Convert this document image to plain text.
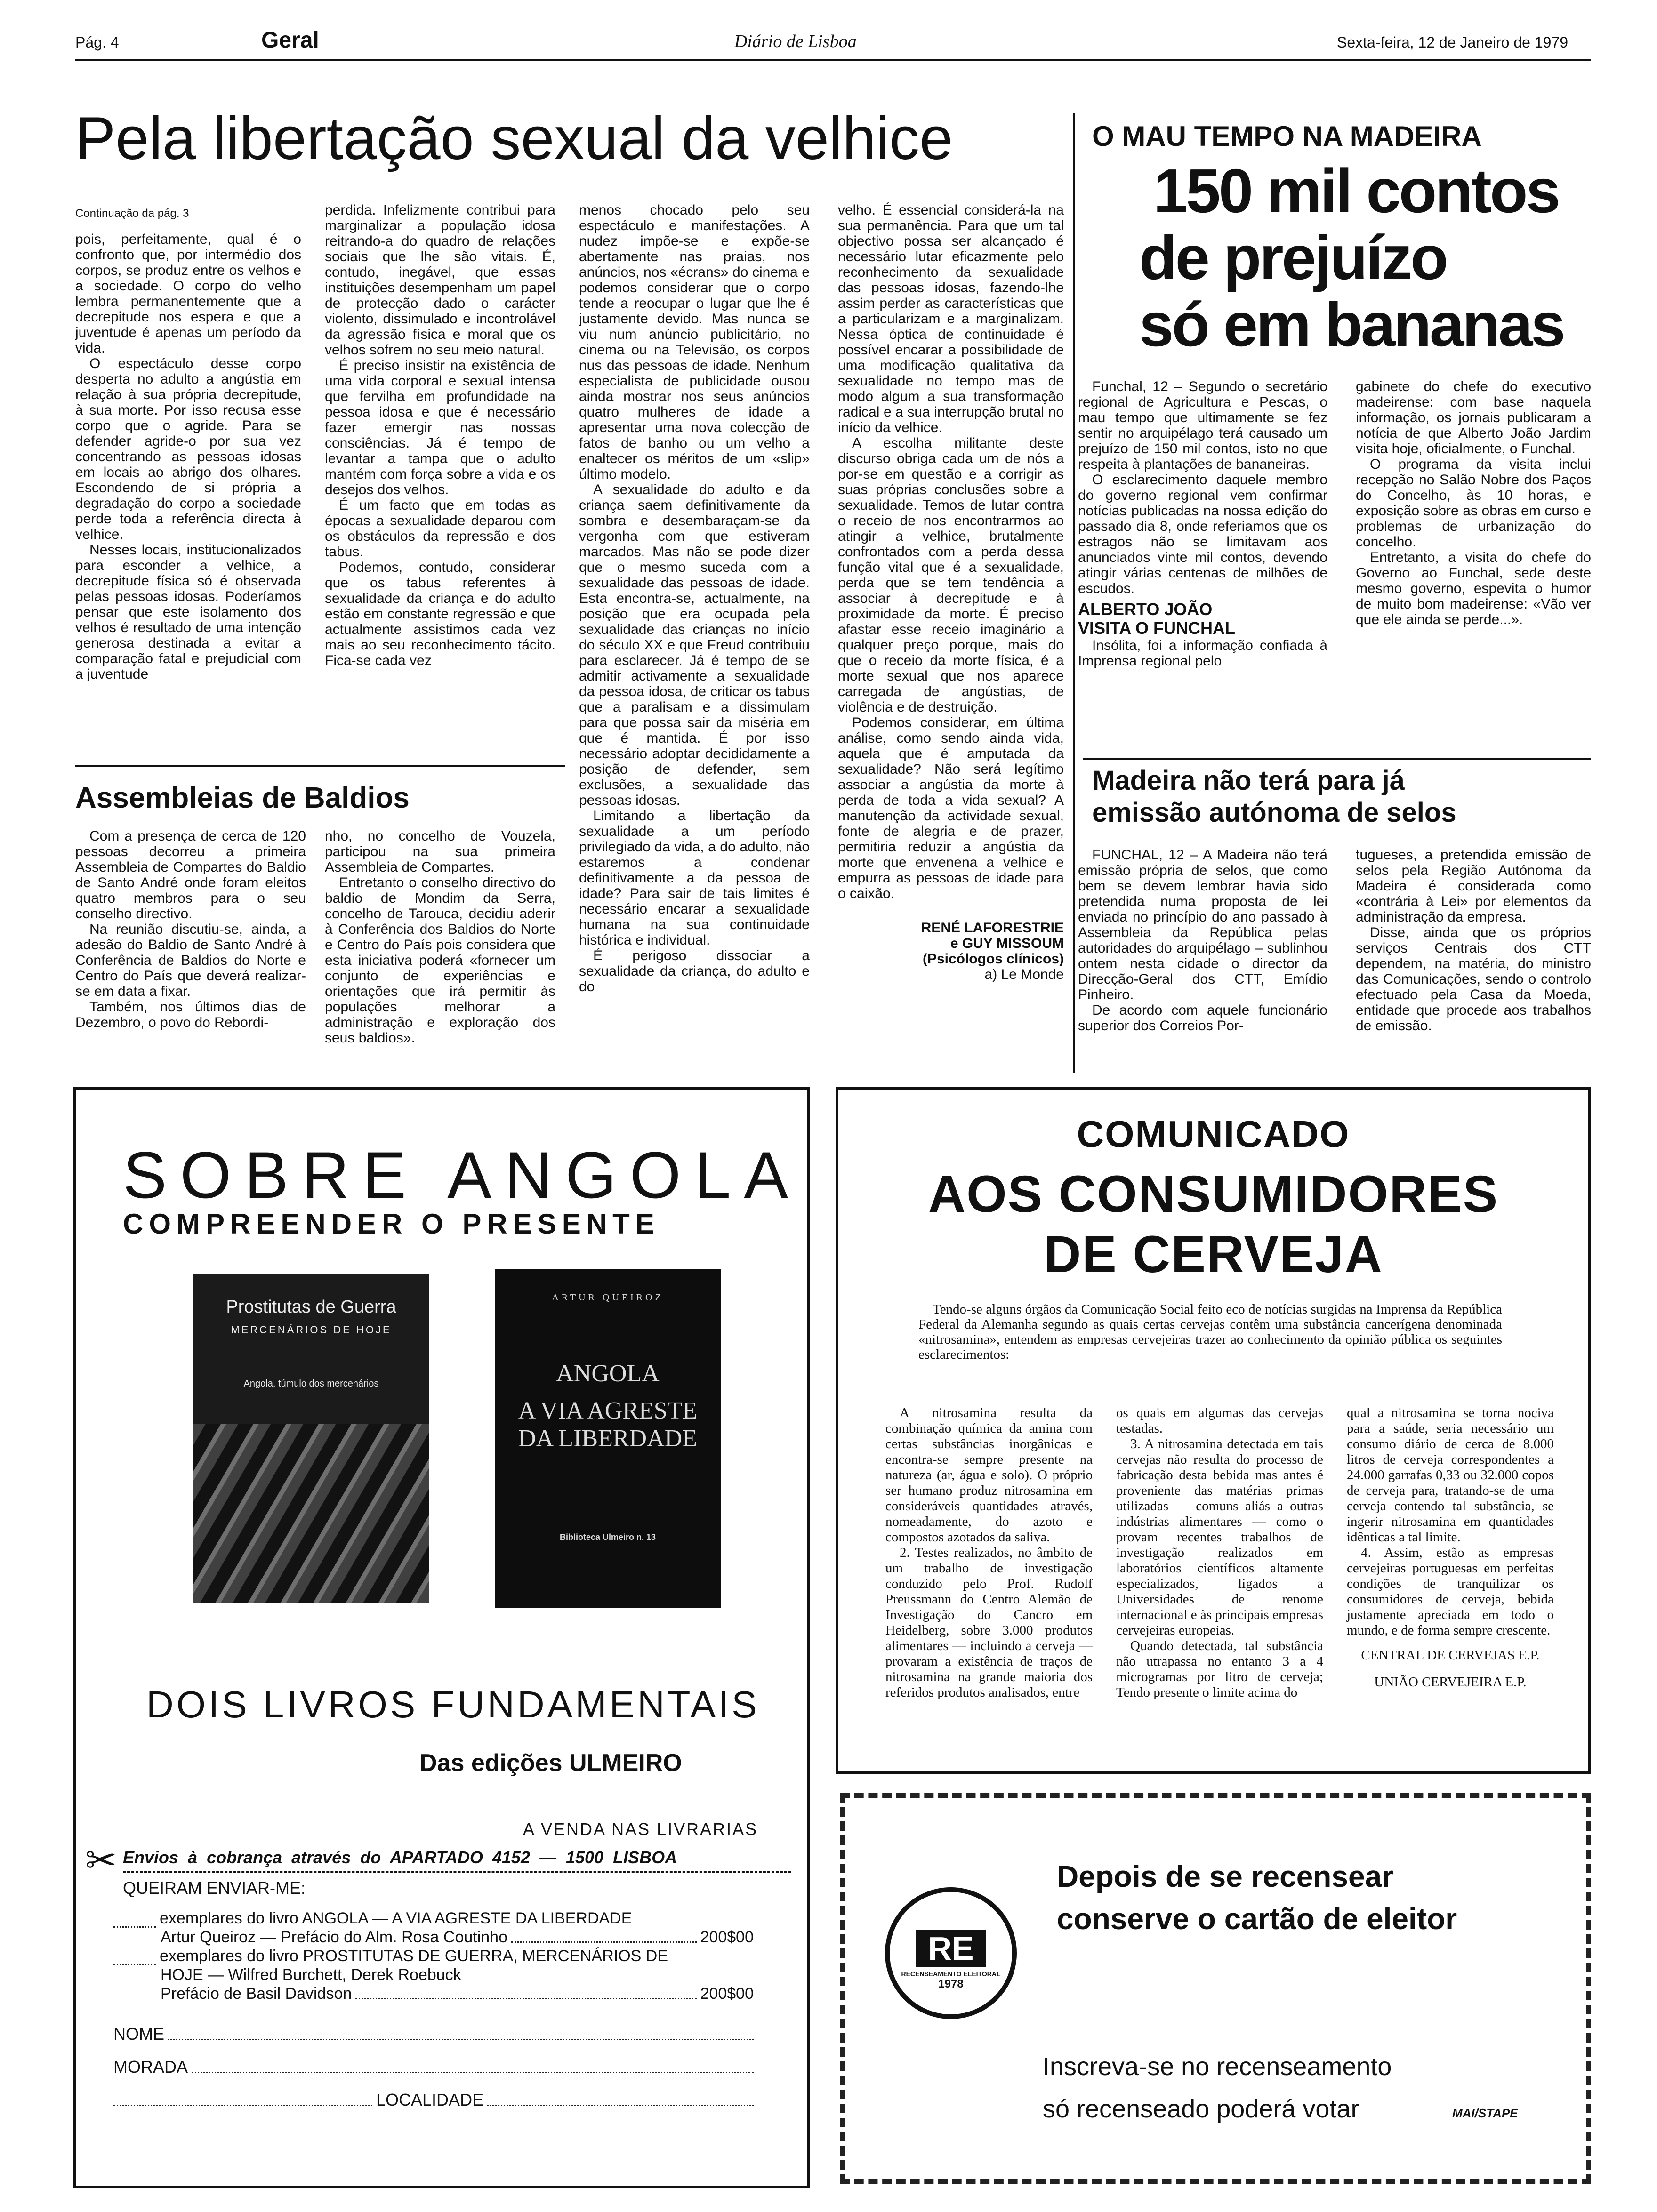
Pág. 4	Geral	Diário de Lisboa	Sexta-feira, 12 de Janeiro de 1979
Pela libertação sexual da velhice
Continuação da pág. 3

pois, perfeitamente, qual é o confronto que, por intermédio dos corpos, se produz entre os velhos e a sociedade. O corpo do velho lembra permanentemente que a decrepitude nos espera e que a juventude é apenas um período da vida.

O espectáculo desse corpo desperta no adulto a angústia em relação à sua própria decrepitude, à sua morte. Por isso recusa esse corpo que o agride. Para se defender agride-o por sua vez concentrando as pessoas idosas em locais ao abrigo dos olhares. Escondendo de si própria a degradação do corpo a sociedade perde toda a referência directa à velhice.

Nesses locais, institucionalizados para esconder a velhice, a decrepitude física só é observada pelas pessoas idosas. Poderíamos pensar que este isolamento dos velhos é resultado de uma intenção generosa destinada a evitar a comparação fatal e prejudicial com a juventude

perdida. Infelizmente contribui para marginalizar a população idosa reitrando-a do quadro de relações sociais que lhe são vitais. É, contudo, inegável, que essas instituições desempenham um papel de protecção dado o carácter violento, dissimulado e incontrolável da agressão física e moral que os velhos sofrem no seu meio natural.

É preciso insistir na existência de uma vida corporal e sexual intensa que fervilha em profundidade na pessoa idosa e que é necessário fazer emergir nas nossas consciências. Já é tempo de levantar a tampa que o adulto mantém com força sobre a vida e os desejos dos velhos.

É um facto que em todas as épocas a sexualidade deparou com os obstáculos da repressão e dos tabus.

Podemos, contudo, considerar que os tabus referentes à sexualidade da criança e do adulto estão em constante regressão e que actualmente assistimos cada vez mais ao seu reconhecimento tácito. Fica-se cada vez

menos chocado pelo seu espectáculo e manifestações. A nudez impõe-se e expõe-se abertamente nas praias, nos anúncios, nos «écrans» do cinema e podemos considerar que o corpo tende a reocupar o lugar que lhe é justamente devido. Mas nunca se viu num anúncio publicitário, no cinema ou na Televisão, os corpos nus das pessoas de idade. Nenhum especialista de publicidade ousou ainda mostrar nos seus anúncios quatro mulheres de idade a apresentar uma nova colecção de fatos de banho ou um velho a enaltecer os méritos de um «slip» último modelo.

A sexualidade do adulto e da criança saem definitivamente da sombra e desembaraçam-se da vergonha com que estiveram marcados. Mas não se pode dizer que o mesmo suceda com a sexualidade das pessoas de idade. Esta encontra-se, actualmente, na posição que era ocupada pela sexualidade das crianças no início do século XX e que Freud contribuiu para esclarecer. Já é tempo de se admitir activamente a sexualidade da pessoa idosa, de criticar os tabus que a paralisam e a dissimulam para que possa sair da miséria em que é mantida. É por isso necessário adoptar decididamente a posição de defender, sem exclusões, a sexualidade das pessoas idosas.

Limitando a libertação da sexualidade a um período privilegiado da vida, a do adulto, não estaremos a condenar definitivamente a da pessoa de idade? Para sair de tais limites é necessário encarar a sexualidade humana na sua continuidade histórica e individual.

É perigoso dissociar a sexualidade da criança, do adulto e do

velho. É essencial considerá-la na sua permanência. Para que um tal objectivo possa ser alcançado é necessário lutar eficazmente pelo reconhecimento da sexualidade das pessoas idosas, fazendo-lhe assim perder as características que a particularizam e a marginalizam. Nessa óptica de continuidade é possível encarar a possibilidade de uma modificação qualitativa da sexualidade no tempo mas de modo algum a sua transformação radical e a sua interrupção brutal no início da velhice.

A escolha militante deste discurso obriga cada um de nós a por-se em questão e a corrigir as suas próprias conclusões sobre a sexualidade. Temos de lutar contra o receio de nos encontrarmos ao atingir a velhice, brutalmente confrontados com a perda dessa função vital que é a sexualidade, perda que se tem tendência a associar à decrepitude e à proximidade da morte. É preciso afastar esse receio imaginário a qualquer preço porque, mais do que o receio da morte física, é a morte sexual que nos aparece carregada de angústias, de violência e de destruição.

Podemos considerar, em última análise, como sendo ainda vida, aquela que é amputada da sexualidade? Não será legítimo associar a angústia da morte à perda de toda a vida sexual? A manutenção da actividade sexual, fonte de alegria e de prazer, permitiria reduzir a angústia da morte que envenena a velhice e empurra as pessoas de idade para o caixão.

RENÉ LAFORESTRIE
e GUY MISSOUM
(Psicólogos clínicos)
a) Le Monde
Assembleias de Baldios

Com a presença de cerca de 120 pessoas decorreu a primeira Assembleia de Compartes do Baldio de Santo André onde foram eleitos quatro membros para o seu conselho directivo.

Na reunião discutiu-se, ainda, a adesão do Baldio de Santo André à Conferência de Baldios do Norte e Centro do País que deverá realizar-se em data a fixar.

Também, nos últimos dias de Dezembro, o povo do Rebordi-

nho, no concelho de Vouzela, participou na sua primeira Assembleia de Compartes.

Entretanto o conselho directivo do baldio de Mondim da Serra, concelho de Tarouca, decidiu aderir à Conferência dos Baldios do Norte e Centro do País pois considera que esta iniciativa poderá «fornecer um conjunto de experiências e orientações que irá permitir às populações melhorar a administração e exploração dos seus baldios».

O MAU TEMPO NA MADEIRA
150 mil contos
de prejuízo
só em bananas

Funchal, 12 – Segundo o secretário regional de Agricultura e Pescas, o mau tempo que ultimamente se fez sentir no arquipélago terá causado um prejuízo de 150 mil contos, isto no que respeita à plantações de bananeiras.

O esclarecimento daquele membro do governo regional vem confirmar notícias publicadas na nossa edição do passado dia 8, onde referiamos que os estragos não se limitavam aos anunciados vinte mil contos, devendo atingir várias centenas de milhões de escudos.

ALBERTO JOÃO
VISITA O FUNCHAL

Insólita, foi a informação confiada à Imprensa regional pelo

gabinete do chefe do executivo madeirense: com base naquela informação, os jornais publicaram a notícia de que Alberto João Jardim visita hoje, oficialmente, o Funchal.

O programa da visita inclui recepção no Salão Nobre dos Paços do Concelho, às 10 horas, e exposição sobre as obras em curso e problemas de urbanização do concelho.

Entretanto, a visita do chefe do Governo ao Funchal, sede deste mesmo governo, espevita o humor de muito bom madeirense: «Vão ver que ele ainda se perde...».

Madeira não terá para já
emissão autónoma de selos

FUNCHAL, 12 – A Madeira não terá emissão própria de selos, que como bem se devem lembrar havia sido pretendida numa proposta de lei enviada no princípio do ano passado à Assembleia da República pelas autoridades do arquipélago – sublinhou ontem nesta cidade o director da Direcção-Geral dos CTT, Emídio Pinheiro.

De acordo com aquele funcionário superior dos Correios Por-

tugueses, a pretendida emissão de selos pela Região Autónoma da Madeira é considerada como «contrária à Lei» por elementos da administração da empresa.

Disse, ainda que os próprios serviços Centrais dos CTT dependem, na matéria, do ministro das Comunicações, sendo o controlo efectuado pela Casa da Moeda, entidade que procede aos trabalhos de emissão.

SOBRE ANGOLA
COMPREENDER O PRESENTE
Prostitutas de Guerra
MERCENÁRIOS DE HOJE
Angola, túmulo dos mercenários
ARTUR QUEIROZ
ANGOLA
A VIA AGRESTE
DA LIBERDADE
Biblioteca Ulmeiro n. 13
DOIS LIVROS FUNDAMENTAIS
Das edições ULMEIRO
A VENDA NAS LIVRARIAS
✂ Envios à cobrança através do APARTADO 4152 — 1500 LISBOA
QUEIRAM ENVIAR-ME:
exemplares do livro ANGOLA — A VIA AGRESTE DA LIBERDADE
Artur Queiroz — Prefácio do Alm. Rosa Coutinho	200$00
exemplares do livro PROSTITUTAS DE GUERRA, MERCENÁRIOS DE
HOJE — Wilfred Burchett, Derek Roebuck
Prefácio de Basil Davidson	200$00
NOME
MORADA
LOCALIDADE
COMUNICADO
AOS CONSUMIDORES
DE CERVEJA
Tendo-se alguns órgãos da Comunicação Social feito eco de notícias surgidas na Imprensa da República Federal da Alemanha segundo as quais certas cervejas contêm uma substância cancerígena denominada «nitrosamina», entendem as empresas cervejeiras trazer ao conhecimento da opinião pública os seguintes esclarecimentos:

A nitrosamina resulta da combinação química da amina com certas substâncias inorgânicas e encontra-se sempre presente na natureza (ar, água e solo). O próprio ser humano produz nitrosamina em consideráveis quantidades através, nomeadamente, do azoto e compostos azotados da saliva.

2. Testes realizados, no âmbito de um trabalho de investigação conduzido pelo Prof. Rudolf Preussmann do Centro Alemão de Investigação do Cancro em Heidelberg, sobre 3.000 produtos alimentares — incluindo a cerveja — provaram a existência de traços de nitrosamina na grande maioria dos referidos produtos analisados, entre

os quais em algumas das cervejas testadas.

3. A nitrosamina detectada em tais cervejas não resulta do processo de fabricação desta bebida mas antes é proveniente das matérias primas utilizadas — comuns aliás a outras indústrias alimentares — como o provam recentes trabalhos de investigação realizados em laboratórios científicos altamente especializados, ligados a Universidades de renome internacional e às principais empresas cervejeiras europeias.

Quando detectada, tal substância não utrapassa no entanto 3 a 4 microgramas por litro de cerveja; Tendo presente o limite acima do

qual a nitrosamina se torna nociva para a saúde, seria necessário um consumo diário de cerca de 8.000 litros de cerveja correspondentes a 24.000 garrafas 0,33 ou 32.000 copos de cerveja para, tratando-se de uma cerveja contendo tal substância, se ingerir nitrosamina em quantidades idênticas a tal limite.

4. Assim, estão as empresas cervejeiras portuguesas em perfeitas condições de tranquilizar os consumidores de cerveja, bebida justamente apreciada em todo o mundo, e de forma sempre crescente.

CENTRAL DE CERVEJAS E.P.
UNIÃO CERVEJEIRA E.P.
Depois de se recensear
conserve o cartão de eleitor
RE
RECENSEAMENTO ELEITORAL
1978
Inscreva-se no recenseamento
só recenseado poderá votar	MAI/STAPE
